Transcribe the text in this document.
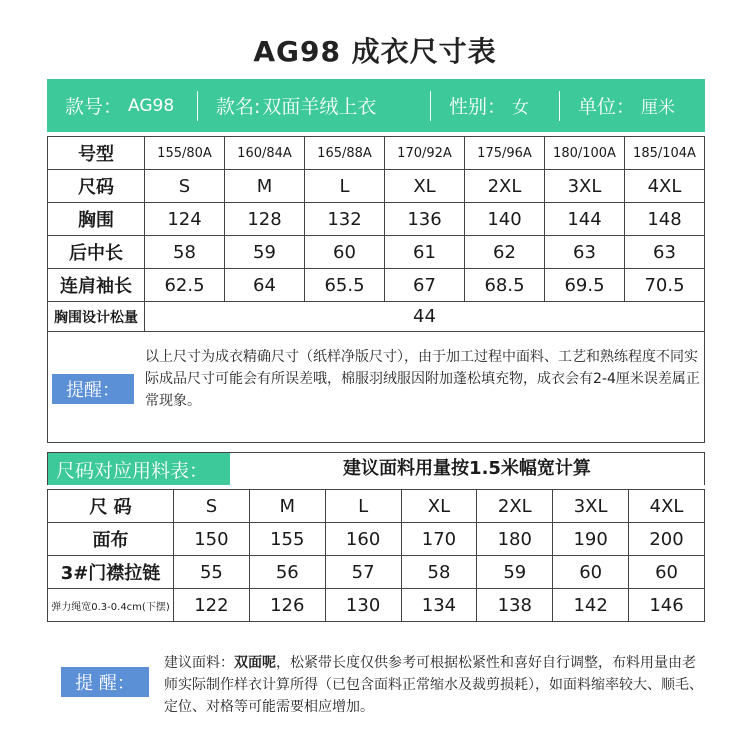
AG98 成衣尺寸表
款号： AG98 款名: 双面羊绒上衣	性别： 女	单位： 厘米
号型	155/80A	160/84A	165/88A	170/92A	175/96A	180/100A	185/104A
尺码	S	M	L	XL	2XL	3XL	4XL
胸围	124	128	132	136	140	144	148
后中长	58	59	60	61	62	63	63
连肩袖长	62.5	64	65.5	67	68.5	69.5	70.5
胸围设计松量	44						

提醒：
以上尺寸为成衣精确尺寸（纸样净版尺寸），由于加工过程中面料、工艺和熟练程度不同实际成品尺寸可能会有所误差哦，棉服羽绒服因附加蓬松填充物，成衣会有2-4厘米误差属正常现象。							
尺码对应用料表：	建议面料用量按1.5米幅宽计算
尺 码	S	M	L	XL	2XL	3XL	4XL
面布	150	155	160	170	180	190	200
3#门襟拉链	55	56	57	58	59	60	60
弹力绳宽0.3-0.4cm(下摆)	122	126	130	134	138	142	146
提 醒：
建议面料：双面呢，松紧带长度仅供参考可根据松紧性和喜好自行调整，布料用量由老师实际制作样衣计算所得（已包含面料正常缩水及裁剪损耗），如面料缩率较大、顺毛、定位、对格等可能需要相应增加。
